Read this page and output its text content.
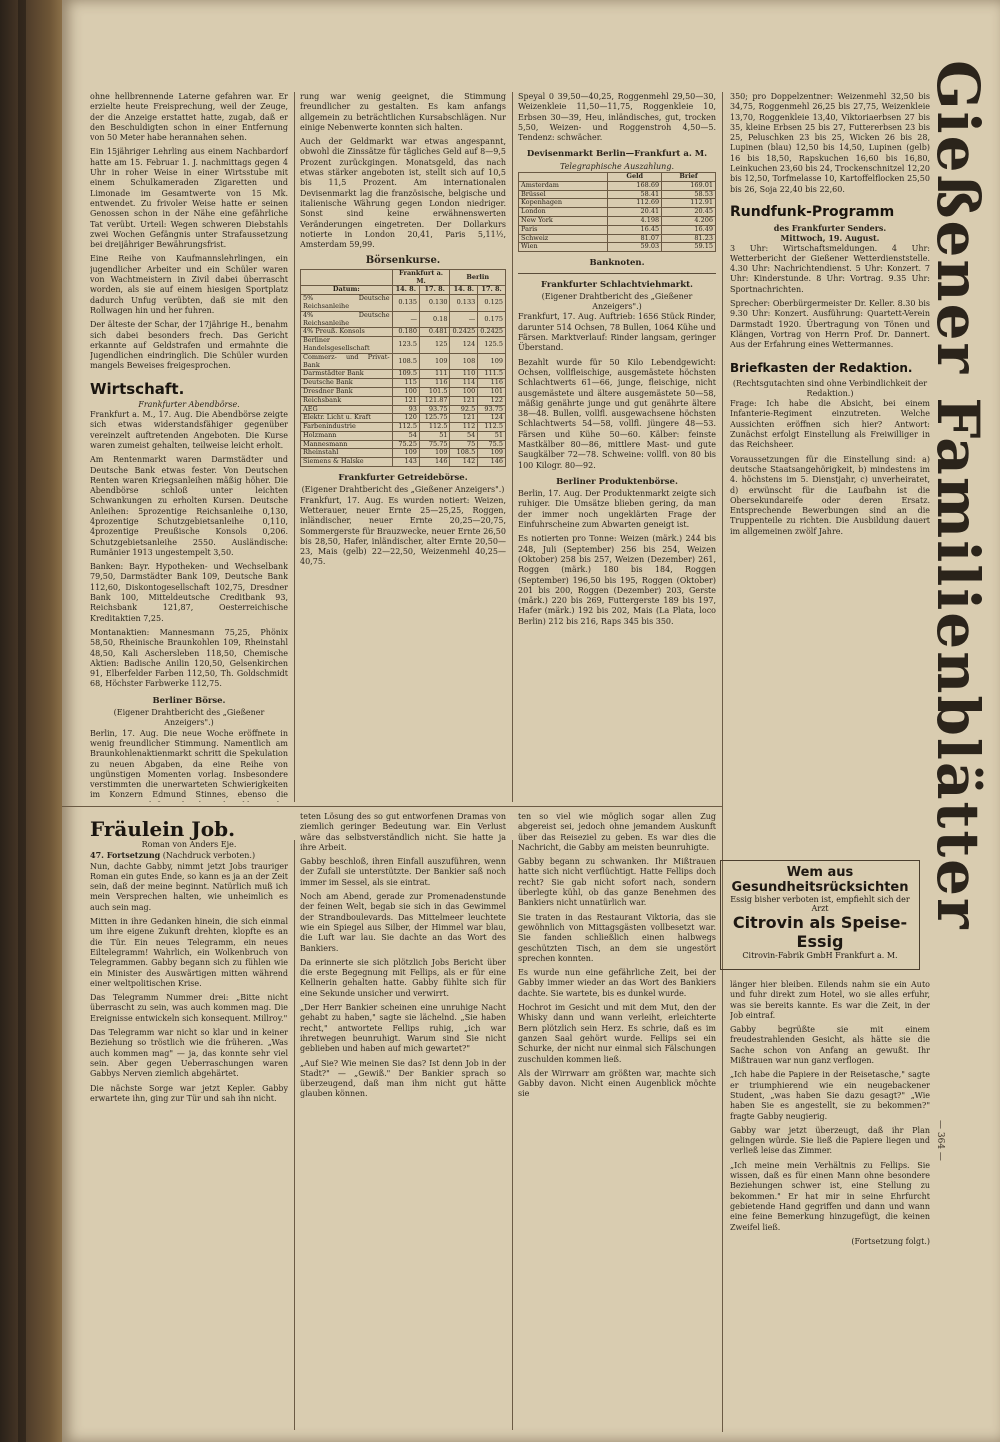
ohne hellbrennende Laterne gefahren war. Er erzielte heute Freisprechung, weil der Zeuge, der die Anzeige erstattet hatte, zugab, daß er den Beschuldigten schon in einer Entfernung von 50 Meter habe herannahen sehen.

Ein 15jähriger Lehrling aus einem Nachbardorf hatte am 15. Februar 1. J. nachmittags gegen 4 Uhr in roher Weise in einer Wirtsstube mit einem Schulkameraden Zigaretten und Limonade im Gesamtwerte von 15 Mk. entwendet. Zu frivoler Weise hatte er seinen Genossen schon in der Nähe eine gefährliche Tat verübt. Urteil: Wegen schweren Diebstahls zwei Wochen Gefängnis unter Strafaussetzung bei dreijähriger Bewährungsfrist.

Eine Reihe von Kaufmannslehrlingen, ein jugendlicher Arbeiter und ein Schüler waren von Wachtmeistern in Zivil dabei überrascht worden, als sie auf einem hiesigen Sportplatz dadurch Unfug verübten, daß sie mit den Rollwagen hin und her fuhren.

Der älteste der Schar, der 17jährige H., benahm sich dabei besonders frech. Das Gericht erkannte auf Geldstrafen und ermahnte die Jugendlichen eindringlich. Die Schüler wurden mangels Beweises freigesprochen.

Wirtschaft.

Frankfurter Abendbörse.

Frankfurt a. M., 17. Aug. Die Abendbörse zeigte sich etwas widerstandsfähiger gegenüber vereinzelt auftretenden Angeboten. Die Kurse waren zumeist gehalten, teilweise leicht erholt.

Am Rentenmarkt waren Darmstädter und Deutsche Bank etwas fester. Von Deutschen Renten waren Kriegsanleihen mäßig höher. Die Abendbörse schloß unter leichten Schwankungen zu erholten Kursen. Deutsche Anleihen: 5prozentige Reichsanleihe 0,130, 4prozentige Schutzgebietsanleihe 0,110, 4prozentige Preußische Konsols 0,206. Schutzgebietsanleihe 2550. Ausländische: Rumänier 1913 ungestempelt 3,50.

Banken: Bayr. Hypotheken- und Wechselbank 79,50, Darmstädter Bank 109, Deutsche Bank 112,60, Diskontogesellschaft 102,75, Dresdner Bank 100, Mitteldeutsche Creditbank 93, Reichsbank 121,87, Oesterreichische Kreditaktien 7,25.

Montanaktien: Mannesmann 75,25, Phönix 58,50, Rheinische Braunkohlen 109, Rheinstahl 48,50, Kali Aschersleben 118,50, Chemische Aktien: Badische Anilin 120,50, Gelsenkirchen 91, Elberfelder Farben 112,50, Th. Goldschmidt 68, Höchster Farbwerke 112,75.

Berliner Börse.

(Eigener Drahtbericht des „Gießener Anzeigers".)

Berlin, 17. Aug. Die neue Woche eröffnete in wenig freundlicher Stimmung. Namentlich am Braunkohlenaktienmarkt schritt die Spekulation zu neuen Abgaben, da eine Reihe von ungünstigen Momenten vorlag. Insbesondere verstimmten die unerwarteten Schwierigkeiten im Konzern Edmund Stinnes, ebenso die

rung war wenig geeignet, die Stimmung freundlicher zu gestalten. Es kam anfangs allgemein zu beträchtlichen Kursabschlägen. Nur einige Nebenwerte konnten sich halten.

Auch der Geldmarkt war etwas angespannt, obwohl die Zinssätze für tägliches Geld auf 8—9,5 Prozent zurückgingen. Monatsgeld, das nach etwas stärker angeboten ist, stellt sich auf 10,5 bis 11,5 Prozent. Am internationalen Devisenmarkt lag die französische, belgische und italienische Währung gegen London niedriger. Sonst sind keine erwähnenswerten Veränderungen eingetreten. Der Dollarkurs notierte in London 20,41, Paris 5,11½, Amsterdam 59,99.

Börsenkurse.
	Frankfurt a. M.		Berlin	
Datum:	14. 8.	17. 8.	14. 8.	17. 8.
5% Deutsche Reichsanleihe	0.135	0.130	0.133	0.125
4% Deutsche Reichsanleihe	—	0.18	—	0.175
4% Preuß. Konsols	0.180	0.481	0.2425	0.2425
Berliner Handelsgesellschaft	123.5	125	124	125.5
Commerz- und Privat-Bank	108.5	109	108	109
Darmstädter Bank	109.5	111	110	111.5
Deutsche Bank	115	116	114	116
Dresdner Bank	100	101.5	100	101
Reichsbank	121	121.87	121	122
AEG	93	93.75	92.5	93.75
Elektr. Licht u. Kraft	120	125.75	121	124
Farbenindustrie	112.5	112.5	112	112.5
Holzmann	54	51	54	51
Mannesmann	75.25	75.75	75	75.5
Rheinstahl	109	109	108.5	109
Siemens & Halske	143	146	142	146
Frankfurter Getreidebörse.

(Eigener Drahtbericht des „Gießener Anzeigers".)

Frankfurt, 17. Aug. Es wurden notiert: Weizen, Wetterauer, neuer Ernte 25—25,25, Roggen, inländischer, neuer Ernte 20,25—20,75, Sommergerste für Brauzwecke, neuer Ernte 26,50 bis 28,50, Hafer, inländischer, alter Ernte 20,50—23, Mais (gelb) 22—22,50, Weizenmehl 40,25—40,75.

Speyal 0 39,50—40,25, Roggenmehl 29,50—30, Weizenkleie 11,50—11,75, Roggenkleie 10, Erbsen 30—39, Heu, inländisches, gut, trocken 5,50, Weizen- und Roggenstroh 4,50—5. Tendenz: schwächer.

Devisenmarkt Berlin—Frankfurt a. M.

Telegraphische Auszahlung.

	Geld	Brief
Amsterdam	168.69	169.01
Brüssel	58.41	58.53
Kopenhagen	112.69	112.91
London	20.41	20.45
New York	4.198	4.206
Paris	16.45	16.49
Schweiz	81.07	81.23
Wien	59.03	59.15
Banknoten.
Frankfurter Schlachtviehmarkt.

(Eigener Drahtbericht des „Gießener Anzeigers".)

Frankfurt, 17. Aug. Auftrieb: 1656 Stück Rinder, darunter 514 Ochsen, 78 Bullen, 1064 Kühe und Färsen. Marktverlauf: Rinder langsam, geringer Überstand.

Bezahlt wurde für 50 Kilo Lebendgewicht: Ochsen, vollfleischige, ausgemästete höchsten Schlachtwerts 61—66, junge, fleischige, nicht ausgemästete und ältere ausgemästete 50—58, mäßig genährte junge und gut genährte ältere 38—48. Bullen, vollfl. ausgewachsene höchsten Schlachtwerts 54—58, vollfl. jüngere 48—53. Färsen und Kühe 50—60. Kälber: feinste Mastkälber 80—86, mittlere Mast- und gute Saugkälber 72—78. Schweine: vollfl. von 80 bis 100 Kilogr. 80—92.

Berliner Produktenbörse.

Berlin, 17. Aug. Der Produktenmarkt zeigte sich ruhiger. Die Umsätze blieben gering, da man der immer noch ungeklärten Frage der Einfuhrscheine zum Abwarten geneigt ist.

Es notierten pro Tonne: Weizen (märk.) 244 bis 248, Juli (September) 256 bis 254, Weizen (Oktober) 258 bis 257, Weizen (Dezember) 261, Roggen (märk.) 180 bis 184, Roggen (September) 196,50 bis 195, Roggen (Oktober) 201 bis 200, Roggen (Dezember) 203, Gerste (märk.) 220 bis 269, Futtergerste 189 bis 197, Hafer (märk.) 192 bis 202, Mais (La Plata, loco Berlin) 212 bis 216, Raps 345 bis 350.

350; pro Doppelzentner: Weizenmehl 32,50 bis 34,75, Roggenmehl 26,25 bis 27,75, Weizenkleie 13,70, Roggenkleie 13,40, Viktoriaerbsen 27 bis 35, kleine Erbsen 25 bis 27, Futtererbsen 23 bis 25, Peluschken 23 bis 25, Wicken 26 bis 28, Lupinen (blau) 12,50 bis 14,50, Lupinen (gelb) 16 bis 18,50, Rapskuchen 16,60 bis 16,80, Leinkuchen 23,60 bis 24, Trockenschnitzel 12,20 bis 12,50, Torfmelasse 10, Kartoffelflocken 25,50 bis 26, Soja 22,40 bis 22,60.

Rundfunk-Programm

des Frankfurter Senders.

Mittwoch, 19. August.

3 Uhr: Wirtschaftsmeldungen. 4 Uhr: Wetterbericht der Gießener Wetterdienststelle. 4.30 Uhr: Nachrichtendienst. 5 Uhr: Konzert. 7 Uhr: Kinderstunde. 8 Uhr: Vortrag. 9.35 Uhr: Sportnachrichten.

Sprecher: Oberbürgermeister Dr. Keller. 8.30 bis 9.30 Uhr: Konzert. Ausführung: Quartett-Verein Darmstadt 1920. Übertragung von Tönen und Klängen, Vortrag von Herrn Prof. Dr. Dannert. Aus der Erfahrung eines Wettermannes.

Briefkasten der Redaktion.

(Rechtsgutachten sind ohne Verbindlichkeit der Redaktion.)

Frage: Ich habe die Absicht, bei einem Infanterie-Regiment einzutreten. Welche Aussichten eröffnen sich hier? Antwort: Zunächst erfolgt Einstellung als Freiwilliger in das Reichsheer.

Voraussetzungen für die Einstellung sind: a) deutsche Staatsangehörigkeit, b) mindestens im 4. höchstens im 5. Dienstjahr, c) unverheiratet, d) erwünscht für die Laufbahn ist die Obersekundareife oder deren Ersatz. Entsprechende Bewerbungen sind an die Truppenteile zu richten. Die Ausbildung dauert im allgemeinen zwölf Jahre.

Wem aus Gesundheitsrücksichten
Essig bisher verboten ist, empfiehlt sich der Arzt
Citrovin als Speise-Essig
Citrovin-Fabrik GmbH Frankfurt a. M.
Fräulein Job.

Roman von Anders Eje.

47. Fortsetzung (Nachdruck verboten.)

Nun, dachte Gabby, nimmt jetzt Jobs trauriger Roman ein gutes Ende, so kann es ja an der Zeit sein, daß der meine beginnt. Natürlich muß ich mein Versprechen halten, wie unheimlich es auch sein mag.

Mitten in ihre Gedanken hinein, die sich einmal um ihre eigene Zukunft drehten, klopfte es an die Tür. Ein neues Telegramm, ein neues Eiltelegramm! Wahrlich, ein Wolkenbruch von Telegrammen. Gabby begann sich zu fühlen wie ein Minister des Auswärtigen mitten während einer weltpolitischen Krise.

Das Telegramm Nummer drei: „Bitte nicht überrascht zu sein, was auch kommen mag. Die Ereignisse entwickeln sich konsequent. Millroy."

Das Telegramm war nicht so klar und in keiner Beziehung so tröstlich wie die früheren. „Was auch kommen mag" — ja, das konnte sehr viel sein. Aber gegen Ueberraschungen waren Gabbys Nerven ziemlich abgehärtet.

Die nächste Sorge war jetzt Kepler. Gabby erwartete ihn, ging zur Tür und sah ihn nicht.

teten Lösung des so gut entworfenen Dramas von ziemlich geringer Bedeutung war. Ein Verlust wäre das selbstverständlich nicht. Sie hatte ja ihre Arbeit.

Gabby beschloß, ihren Einfall auszuführen, wenn der Zufall sie unterstützte. Der Bankier saß noch immer im Sessel, als sie eintrat.

Noch am Abend, gerade zur Promenadenstunde der feinen Welt, begab sie sich in das Gewimmel der Strandboulevards. Das Mittelmeer leuchtete wie ein Spiegel aus Silber, der Himmel war blau, die Luft war lau. Sie dachte an das Wort des Bankiers.

Da erinnerte sie sich plötzlich Jobs Bericht über die erste Begegnung mit Fellips, als er für eine Kellnerin gehalten hatte. Gabby fühlte sich für eine Sekunde unsicher und verwirrt.

„Der Herr Bankier scheinen eine unruhige Nacht gehabt zu haben," sagte sie lächelnd. „Sie haben recht," antwortete Fellips ruhig, „ich war ihretwegen beunruhigt. Warum sind Sie nicht geblieben und haben auf mich gewartet?"

„Auf Sie? Wie meinen Sie das? Ist denn Job in der Stadt?" — „Gewiß." Der Bankier sprach so überzeugend, daß man ihm nicht gut hätte glauben können.

ten so viel wie möglich sogar allen Zug abgereist sei, jedoch ohne jemandem Auskunft über das Reiseziel zu geben. Es war dies die Nachricht, die Gabby am meisten beunruhigte.

Gabby begann zu schwanken. Ihr Mißtrauen hatte sich nicht verflüchtigt. Hatte Fellips doch recht? Sie gab nicht sofort nach, sondern überlegte kühl, ob das ganze Benehmen des Bankiers nicht unnatürlich war.

Sie traten in das Restaurant Viktoria, das sie gewöhnlich von Mittagsgästen vollbesetzt war. Sie fanden schließlich einen halbwegs geschützten Tisch, an dem sie ungestört sprechen konnten.

Es wurde nun eine gefährliche Zeit, bei der Gabby immer wieder an das Wort des Bankiers dachte. Sie wartete, bis es dunkel wurde.

Hochrot im Gesicht und mit dem Mut, den der Whisky dann und wann verleiht, erleichterte Bern plötzlich sein Herz. Es schrie, daß es im ganzen Saal gehört wurde. Fellips sei ein Schurke, der nicht nur einmal sich Fälschungen zuschulden kommen ließ.

Als der Wirrwarr am größten war, machte sich Gabby davon. Nicht einen Augenblick möchte sie

länger hier bleiben. Eilends nahm sie ein Auto und fuhr direkt zum Hotel, wo sie alles erfuhr, was sie bereits kannte. Es war die Zeit, in der Job eintraf.

Gabby begrüßte sie mit einem freudestrahlenden Gesicht, als hätte sie die Sache schon von Anfang an gewußt. Ihr Mißtrauen war nun ganz verflogen.

„Ich habe die Papiere in der Reisetasche," sagte er triumphierend wie ein neugebackener Student, „was haben Sie dazu gesagt?" „Wie haben Sie es angestellt, sie zu bekommen?" fragte Gabby neugierig.

Gabby war jetzt überzeugt, daß ihr Plan gelingen würde. Sie ließ die Papiere liegen und verließ leise das Zimmer.

„Ich meine mein Verhältnis zu Fellips. Sie wissen, daß es für einen Mann ohne besondere Beziehungen schwer ist, eine Stellung zu bekommen." Er hat mir in seine Ehrfurcht gebietende Hand gegriffen und dann und wann eine feine Bemerkung hinzugefügt, die keinen Zweifel ließ.

(Fortsetzung folgt.)

Gießener Familienblätter
— 364 —
